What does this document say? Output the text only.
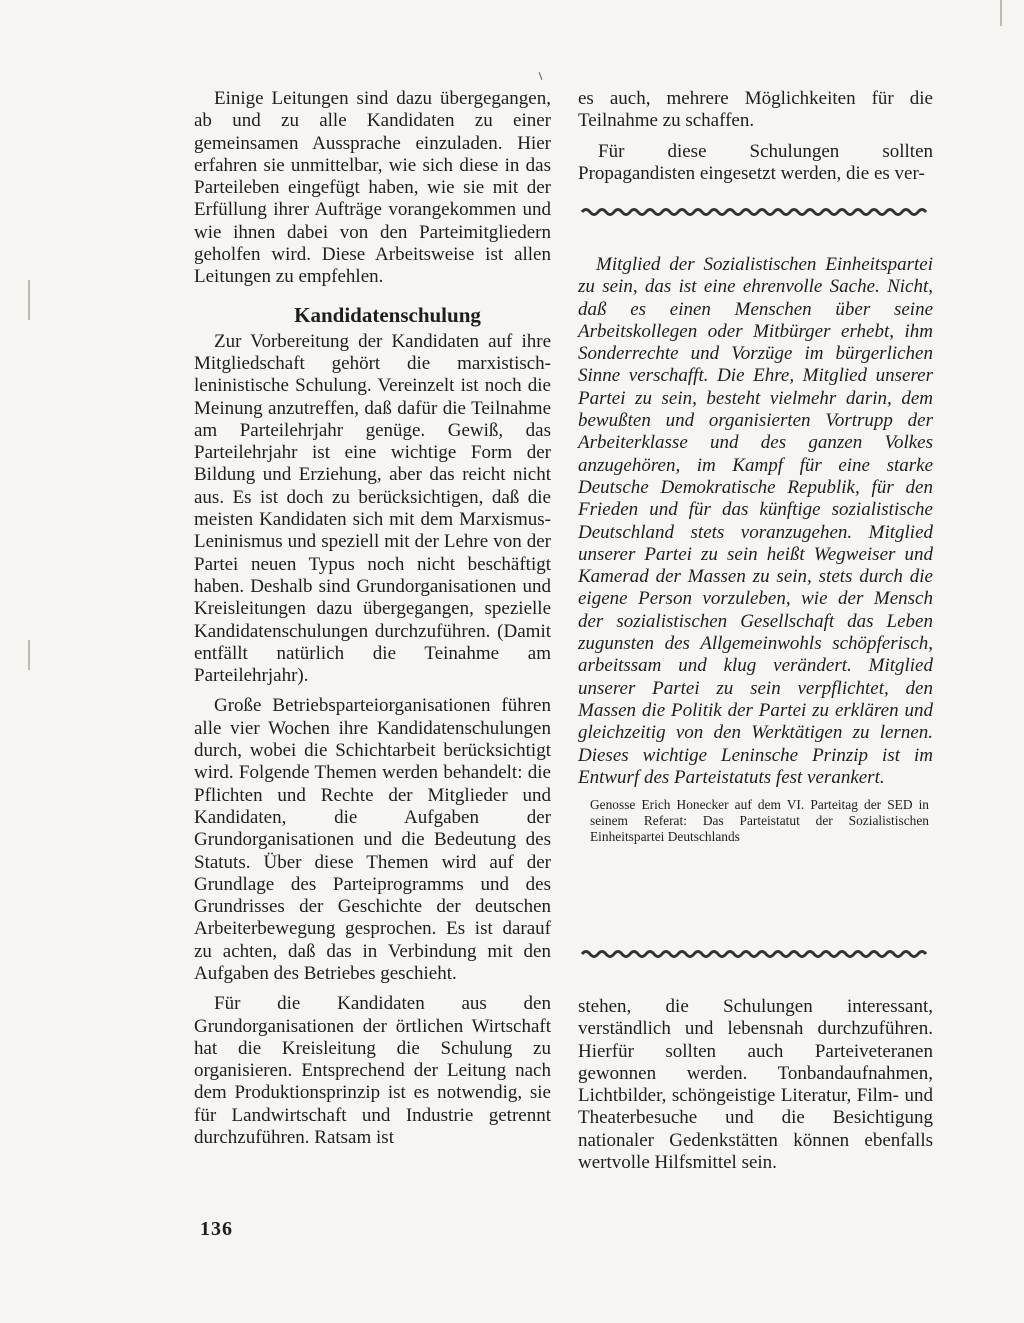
Einige Leitungen sind dazu übergegangen, ab und zu alle Kandidaten zu einer gemeinsamen Aussprache einzuladen. Hier erfahren sie unmittelbar, wie sich diese in das Parteileben eingefügt haben, wie sie mit der Erfüllung ihrer Aufträge vorangekommen und wie ihnen dabei von den Parteimitgliedern geholfen wird. Diese Arbeitsweise ist allen Leitungen zu empfehlen.

Kandidatenschulung

Zur Vorbereitung der Kandidaten auf ihre Mitgliedschaft gehört die marxistisch-leninistische Schulung. Vereinzelt ist noch die Meinung anzutreffen, daß dafür die Teilnahme am Parteilehrjahr genüge. Gewiß, das Parteilehrjahr ist eine wichtige Form der Bildung und Erziehung, aber das reicht nicht aus. Es ist doch zu berücksichtigen, daß die meisten Kandidaten sich mit dem Marxismus-Leninismus und speziell mit der Lehre von der Partei neuen Typus noch nicht beschäftigt haben. Deshalb sind Grundorganisationen und Kreisleitungen dazu übergegangen, spezielle Kandidatenschulungen durchzuführen. (Damit entfällt natürlich die Teinahme am Parteilehrjahr).

Große Betriebsparteiorganisationen führen alle vier Wochen ihre Kandidatenschulungen durch, wobei die Schichtarbeit berücksichtigt wird. Folgende Themen werden behandelt: die Pflichten und Rechte der Mitglieder und Kandidaten, die Aufgaben der Grundorganisationen und die Bedeutung des Statuts. Über diese Themen wird auf der Grundlage des Parteiprogramms und des Grundrisses der Geschichte der deutschen Arbeiterbewegung gesprochen. Es ist darauf zu achten, daß das in Verbindung mit den Aufgaben des Betriebes geschieht.

Für die Kandidaten aus den Grundorganisationen der örtlichen Wirtschaft hat die Kreisleitung die Schulung zu organisieren. Entsprechend der Leitung nach dem Produktionsprinzip ist es notwendig, sie für Landwirtschaft und Industrie getrennt durchzuführen. Ratsam ist

es auch, mehrere Möglichkeiten für die Teilnahme zu schaffen.

Für diese Schulungen sollten Propagandisten eingesetzt werden, die es ver-

Mitglied der Sozialistischen Einheitspartei zu sein, das ist eine ehrenvolle Sache. Nicht, daß es einen Menschen über seine Arbeitskollegen oder Mitbürger erhebt, ihm Sonderrechte und Vorzüge im bürgerlichen Sinne verschafft. Die Ehre, Mitglied unserer Partei zu sein, besteht vielmehr darin, dem bewußten und organisierten Vortrupp der Arbeiterklasse und des ganzen Volkes anzugehören, im Kampf für eine starke Deutsche Demokratische Republik, für den Frieden und für das künftige sozialistische Deutschland stets voranzugehen. Mitglied unserer Partei zu sein heißt Wegweiser und Kamerad der Massen zu sein, stets durch die eigene Person vorzuleben, wie der Mensch der sozialistischen Gesellschaft das Leben zugunsten des Allgemeinwohls schöpferisch, arbeitssam und klug verändert. Mitglied unserer Partei zu sein verpflichtet, den Massen die Politik der Partei zu erklären und gleichzeitig von den Werktätigen zu lernen. Dieses wichtige Leninsche Prinzip ist im Entwurf des Parteistatuts fest verankert.

Genosse Erich Honecker auf dem VI. Parteitag der SED in seinem Referat: Das Parteistatut der Sozialistischen Einheitspartei Deutschlands

stehen, die Schulungen interessant, verständlich und lebensnah durchzuführen. Hierfür sollten auch Parteiveteranen gewonnen werden. Tonbandaufnahmen, Lichtbilder, schöngeistige Literatur, Film- und Theaterbesuche und die Besichtigung nationaler Gedenkstätten können ebenfalls wertvolle Hilfsmittel sein.

136
